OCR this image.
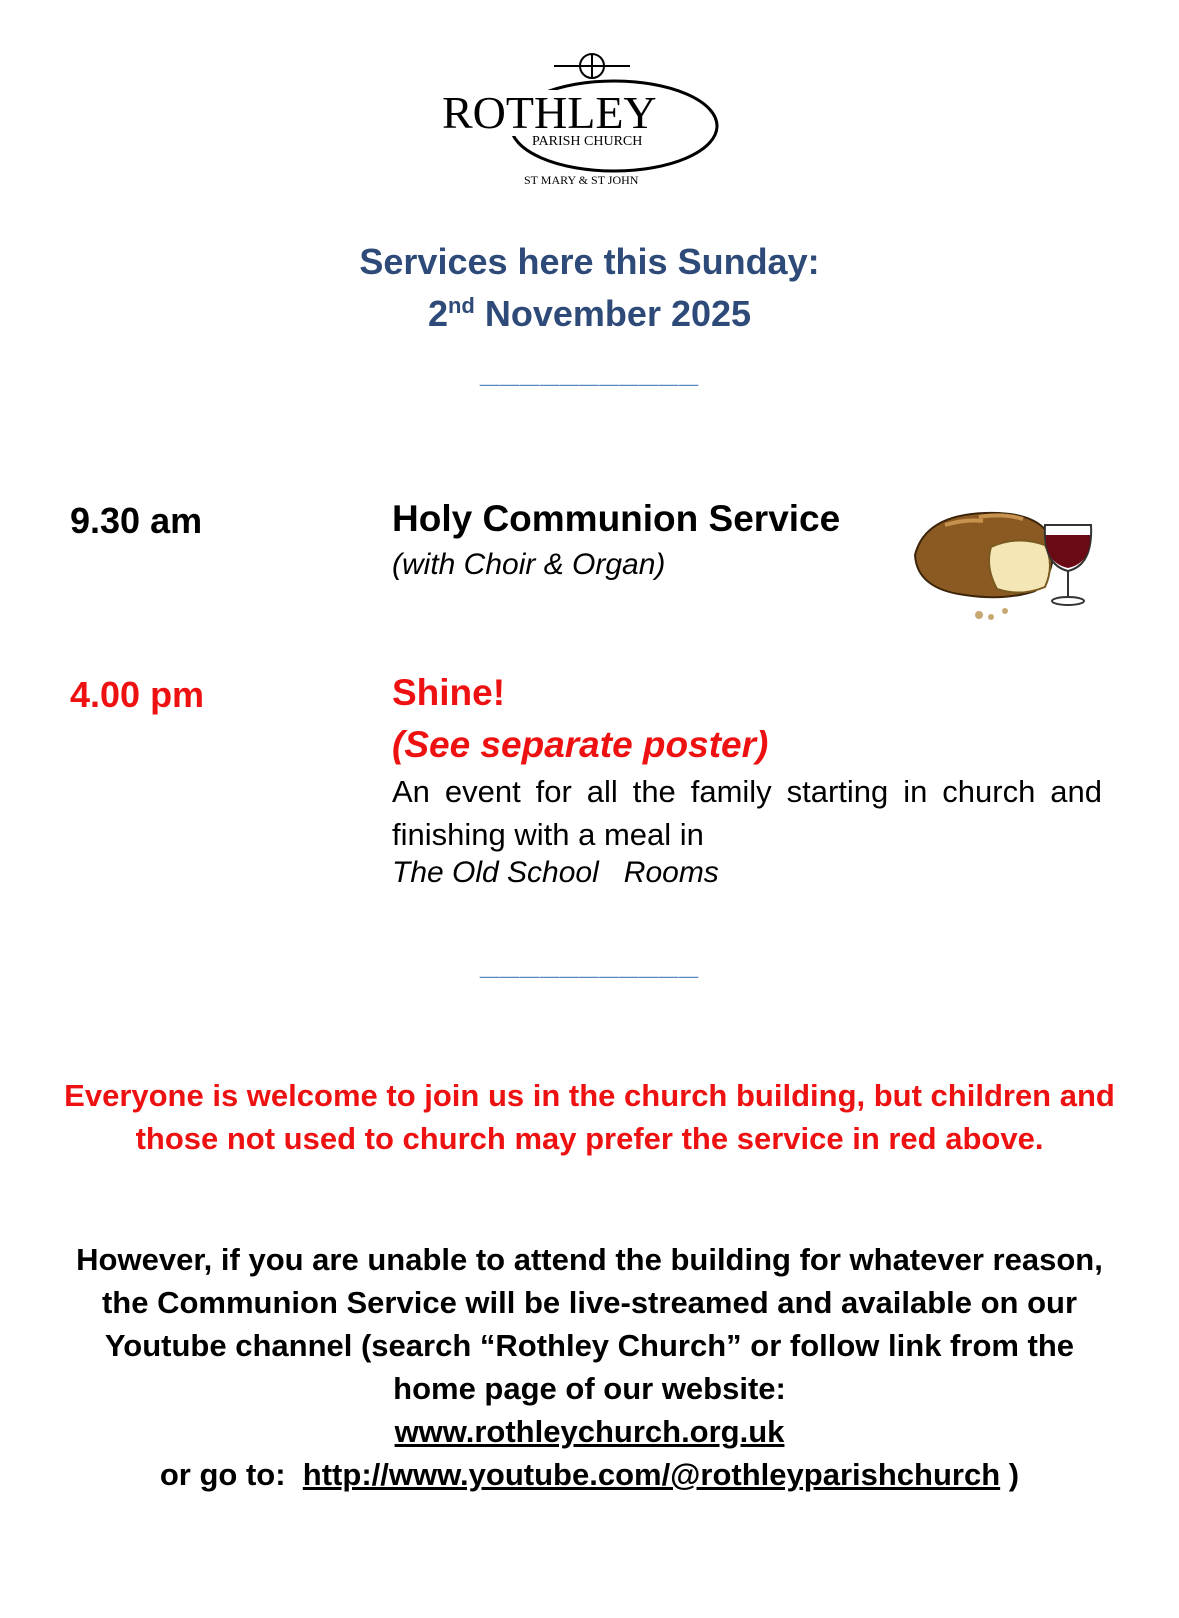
ROTHLEY
PARISH CHURCH
ST MARY & ST JOHN
Services here this Sunday:
2nd November 2025
___________
9.30 am	Holy Communion Service
(with Choir & Organ)
4.00 pm	Shine!
(See separate poster)
An event for all the family starting in church and finishing with a meal in
The Old School   Rooms
___________
Everyone is welcome to join us in the church building, but children and those not used to church may prefer the service in red above.
However, if you are unable to attend the building for whatever reason, the Communion Service will be live-streamed and available on our Youtube channel (search “Rothley Church” or follow link from the home page of our website:
www.rothleychurch.org.uk
or go to: http://www.youtube.com/@rothleyparishchurch )
